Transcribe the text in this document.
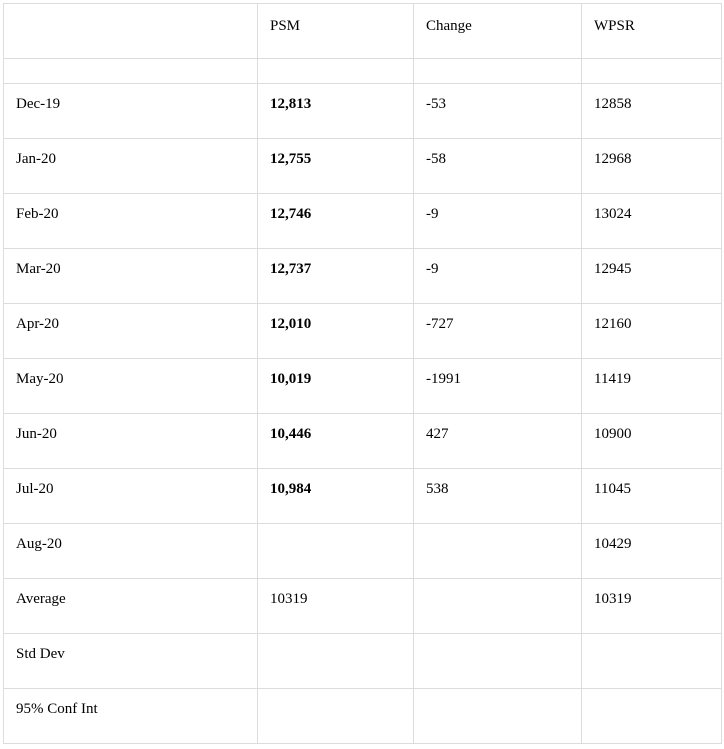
	PSM	Change	WPSR

Dec-19	12,813	-53	12858
Jan-20	12,755	-58	12968
Feb-20	12,746	-9	13024
Mar-20	12,737	-9	12945
Apr-20	12,010	-727	12160
May-20	10,019	-1991	11419
Jun-20	10,446	427	10900
Jul-20	10,984	538	11045
Aug-20			10429
Average	10319		10319
Std Dev			
95% Conf Int			
